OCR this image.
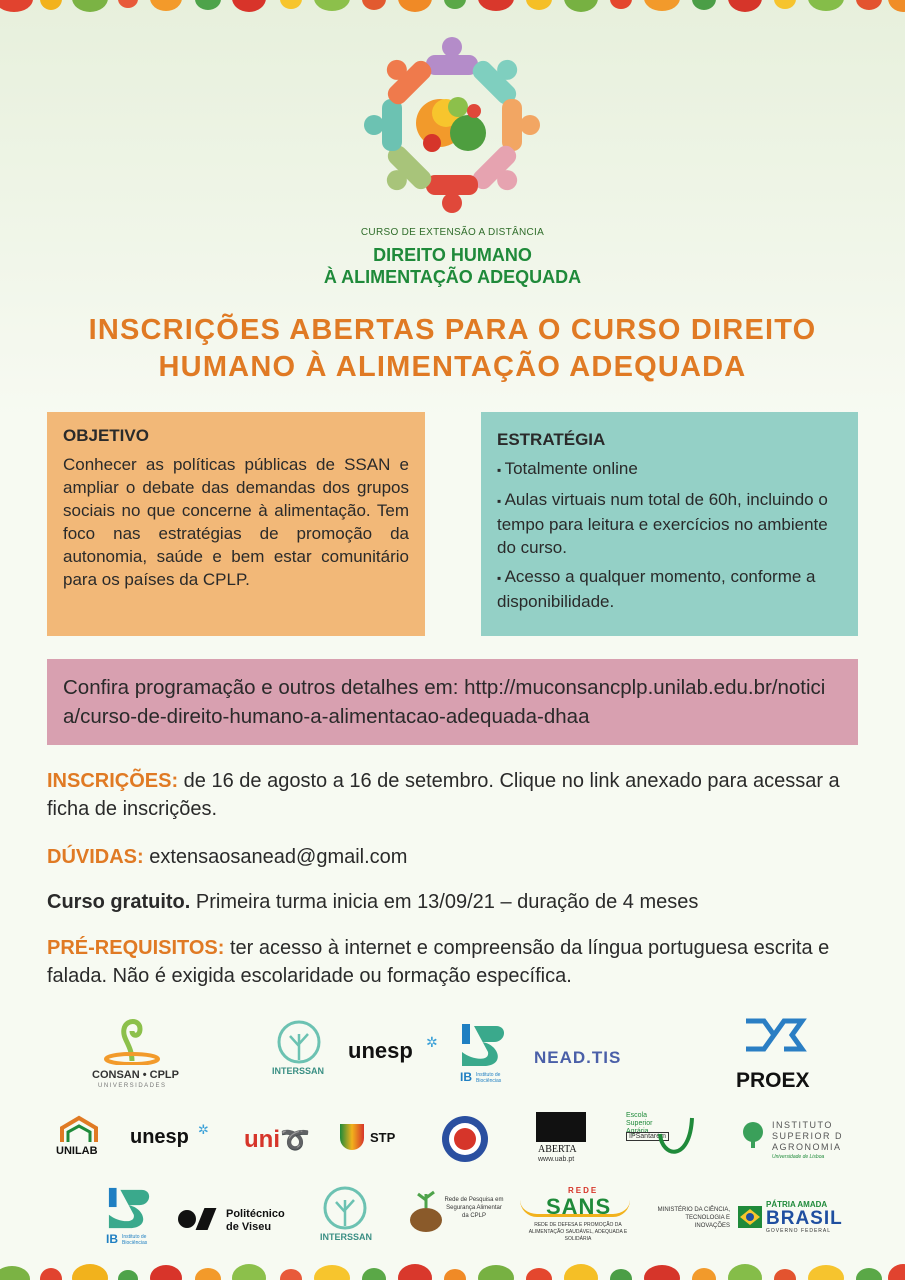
CURSO DE EXTENSÃO A DISTÂNCIA
DIREITO HUMANO
À ALIMENTAÇÃO ADEQUADA
INSCRIÇÕES ABERTAS PARA O CURSO DIREITO
HUMANO À ALIMENTAÇÃO ADEQUADA
OBJETIVO
Conhecer as políticas públicas de SSAN e ampliar o debate das demandas dos grupos sociais no que concerne à alimentação. Tem foco nas estratégias de promoção da autonomia, saúde e bem estar comunitário para os países da CPLP.
ESTRATÉGIA
▪ Totalmente online
▪ Aulas virtuais num total de 60h, incluindo o tempo para leitura e exercícios no ambiente do curso.
▪ Acesso a qualquer momento, conforme a disponibilidade.
Confira programação e outros detalhes em: http://muconsancplp.unilab.edu.br/noticia/curso-de-direito-humano-a-alimentacao-adequada-dhaa
INSCRIÇÕES: de 16 de agosto a 16 de setembro. Clique no link anexado para acessar a ficha de inscrições.
DÚVIDAS: extensaosanead@gmail.com
Curso gratuito. Primeira turma inicia em 13/09/21 – duração de 4 meses
PRÉ-REQUISITOS: ter acesso à internet e compreensão da língua portuguesa escrita e falada. Não é exigida escolaridade ou formação específica.
CONSAN • CPLP
UNIVERSIDADES
INTERSSAN
unesp ✲
IB Instituto de Biociências
NEAD.TIS
PROEX
UNILAB
unesp ✲ uni ➰	STP
ABERTA
www.uab.pt
Escola Superior Agrária
IPSantarém
INSTITUTO
SUPERIOR D
AGRONOMIA
Universidade de Lisboa
IB Instituto de Biociências
Politécnico
de Viseu
INTERSSAN
Rede de Pesquisa em Segurança Alimentar da CPLP
REDE
SANS
REDE DE DEFESA E PROMOÇÃO DA ALIMENTAÇÃO SAUDÁVEL, ADEQUADA E SOLIDÁRIA
MINISTÉRIO DA CIÊNCIA, TECNOLOGIA E INOVAÇÕES
PÁTRIA AMADA
BRASIL
GOVERNO FEDERAL
